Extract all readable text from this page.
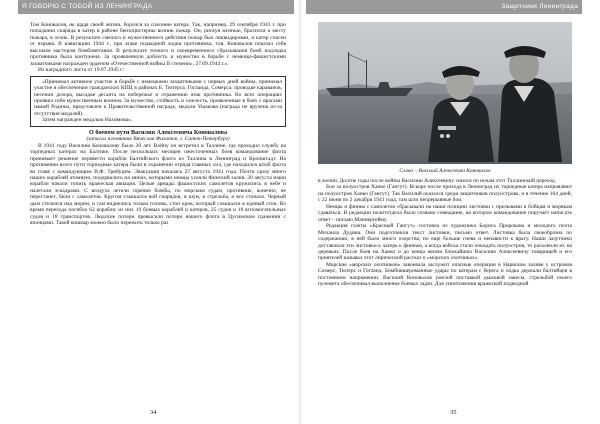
Я ГОВОРЮ С ТОБОЙ ИЗ ЛЕНИНГРАДА

Том Коновалов, не щадя своей жизни, боролся за спасение катера. Так, например, 29 сентября 1943 г. при попадании снаряда в катер в районе бензоцистерны возник пожар. Он, рискуя жизнью, бросился к месту пожара, в огонь. В результате смелого и мужественного действия пожар был ликвидирован, и катер спасен от взрыва. В навигацию 1944 г., при атаке подводной лодки противника, тов. Коновалов показал себя высоким мастером бомбометания. В результате точного и своевременного сбрасывания бомб подлодка противника была контужена. За проявленную доблесть и мужество в борьбе с немецко-фашистскими захватчиками награжден орденом «Отечественной войны II степени», 27.09.1944 г.».

Из наградного листа от 19.07.1945 г.:

«Принимал активное участие в борьбе с немецкими захватчиками с первых дней войны, принимал участие в обеспечении гражданских КПЦ в районах Б. Тютерса, Гогланда, Сомерса, проводке караванов, несении дозора, высадке десанта на побережье и отражению атак противника. Во всех операциях проявил себя мужественным воином. За мужество, стойкость и смелость, проявленные в боях с врагами нашей Родины, представлен к Правительственной награде, медали Ушакова (награда не вручена из-за отсутствия медалей).

Затем награжден медалью Нахимова».

О боевом пути Василия Алексеевича Коновалова

(записал племянник Вячеслав Филатов, г. Санкт-Петербург)

В 1941 году Василию Коновалову было 20 лет. Войну он встретил в Таллине, где проходил службу на торпедных катерах на Балтике. После нескольких месяцев ожесточенных боев командование флота принимает решение перевести корабли Балтийского флота из Таллина в Ленинград и Кронштадт. На протяжении всего пути торпедные катера были в охранении отряда главных сил, где находился штаб флота во главе с командующим В.Ф. Трибуцем. Эвакуация началась 27 августа 1941 года. Почти сразу много наших кораблей атомную, подорвались на минах, которыми немцы усеяли Финский залив. 30 августа наши корабли начали топить вражеская авиация. Целые армады фашистских самолетов кружились в небе и налетали эскадрами. С воздуха летели горячие бомбы, по морским судам, противник, конечно, не перестанет, били с самолетов. Кругом слышался вой снарядов, и шум, и стрельба, и все стонало. Черный дым стелился над морем, и там виднелись только головы, стон крик, который слышался в единый стон. Во время перехода погибло 62 корабля: из них 19 боевых кораблей и катеров, 25 судов и 18 вспомогательных судов и 18 транспортов. Людские потери превысили потери нашего флота в Цусимском сражении с японцами. Такой кошмар можно было пережить только раз

34
Защитники Ленинграда
Слева – Василий Алексеевич Коновалов

в жизни. Долгие годы после войны Василию Алексеевичу снился по ночам этот Таллинский переход.

Бои за полуостров Ханко (Гангут). Вскоре после прихода в Ленинград их торпедные катера направляют на полуостров Ханко (Гангут). Так Василий оказался среди защитников полуострова, и в течение 164 дней, с 22 июня по 2 декабря 1941 года, там шли непрерывные бои.

Немцы и финны с самолетов сбрасывали на наши позиции листовки с призывами к бойцам и морякам сдаваться. В редакции политотдела было созвано совещание, на котором командование поручает написать ответ – письмо Маннергейму.

Редакция газеты «Красный Гангут» состояла из художника Бориса Пророкова и молодого поэта Михаила Дудина. Они подготовили текст листовки, письмо ответ. Листовка была своеобразна по содержанию, в ней было много озорства, но еще больше гнева и ненависти к врагу. Наши лазутчики доставляли эти листовки к лагерь к финнам, а когда войска стали покидать полуостров, то расклеили их на деревьях. После боев на Ханко и до конца жизни ближайших Василию Алексеевичу товарищей и его приятелей называл этот лирический рассказ о «морских охотниках».

Морские «морских охотников» завоевала заслужит опасные операции в Нарвском заливе у островов Сомерс, Тютерс и Гогланд. Бомбившероманные удары по катерам с берега и лодка держали балтийцев в постоянном напряжении. Василий Коновалов умелой поставкой дымовой завесы, стрельбой своего пулемета обеспечивал выполнение боевых задач. Для уничтожения вражеской подводной

35
